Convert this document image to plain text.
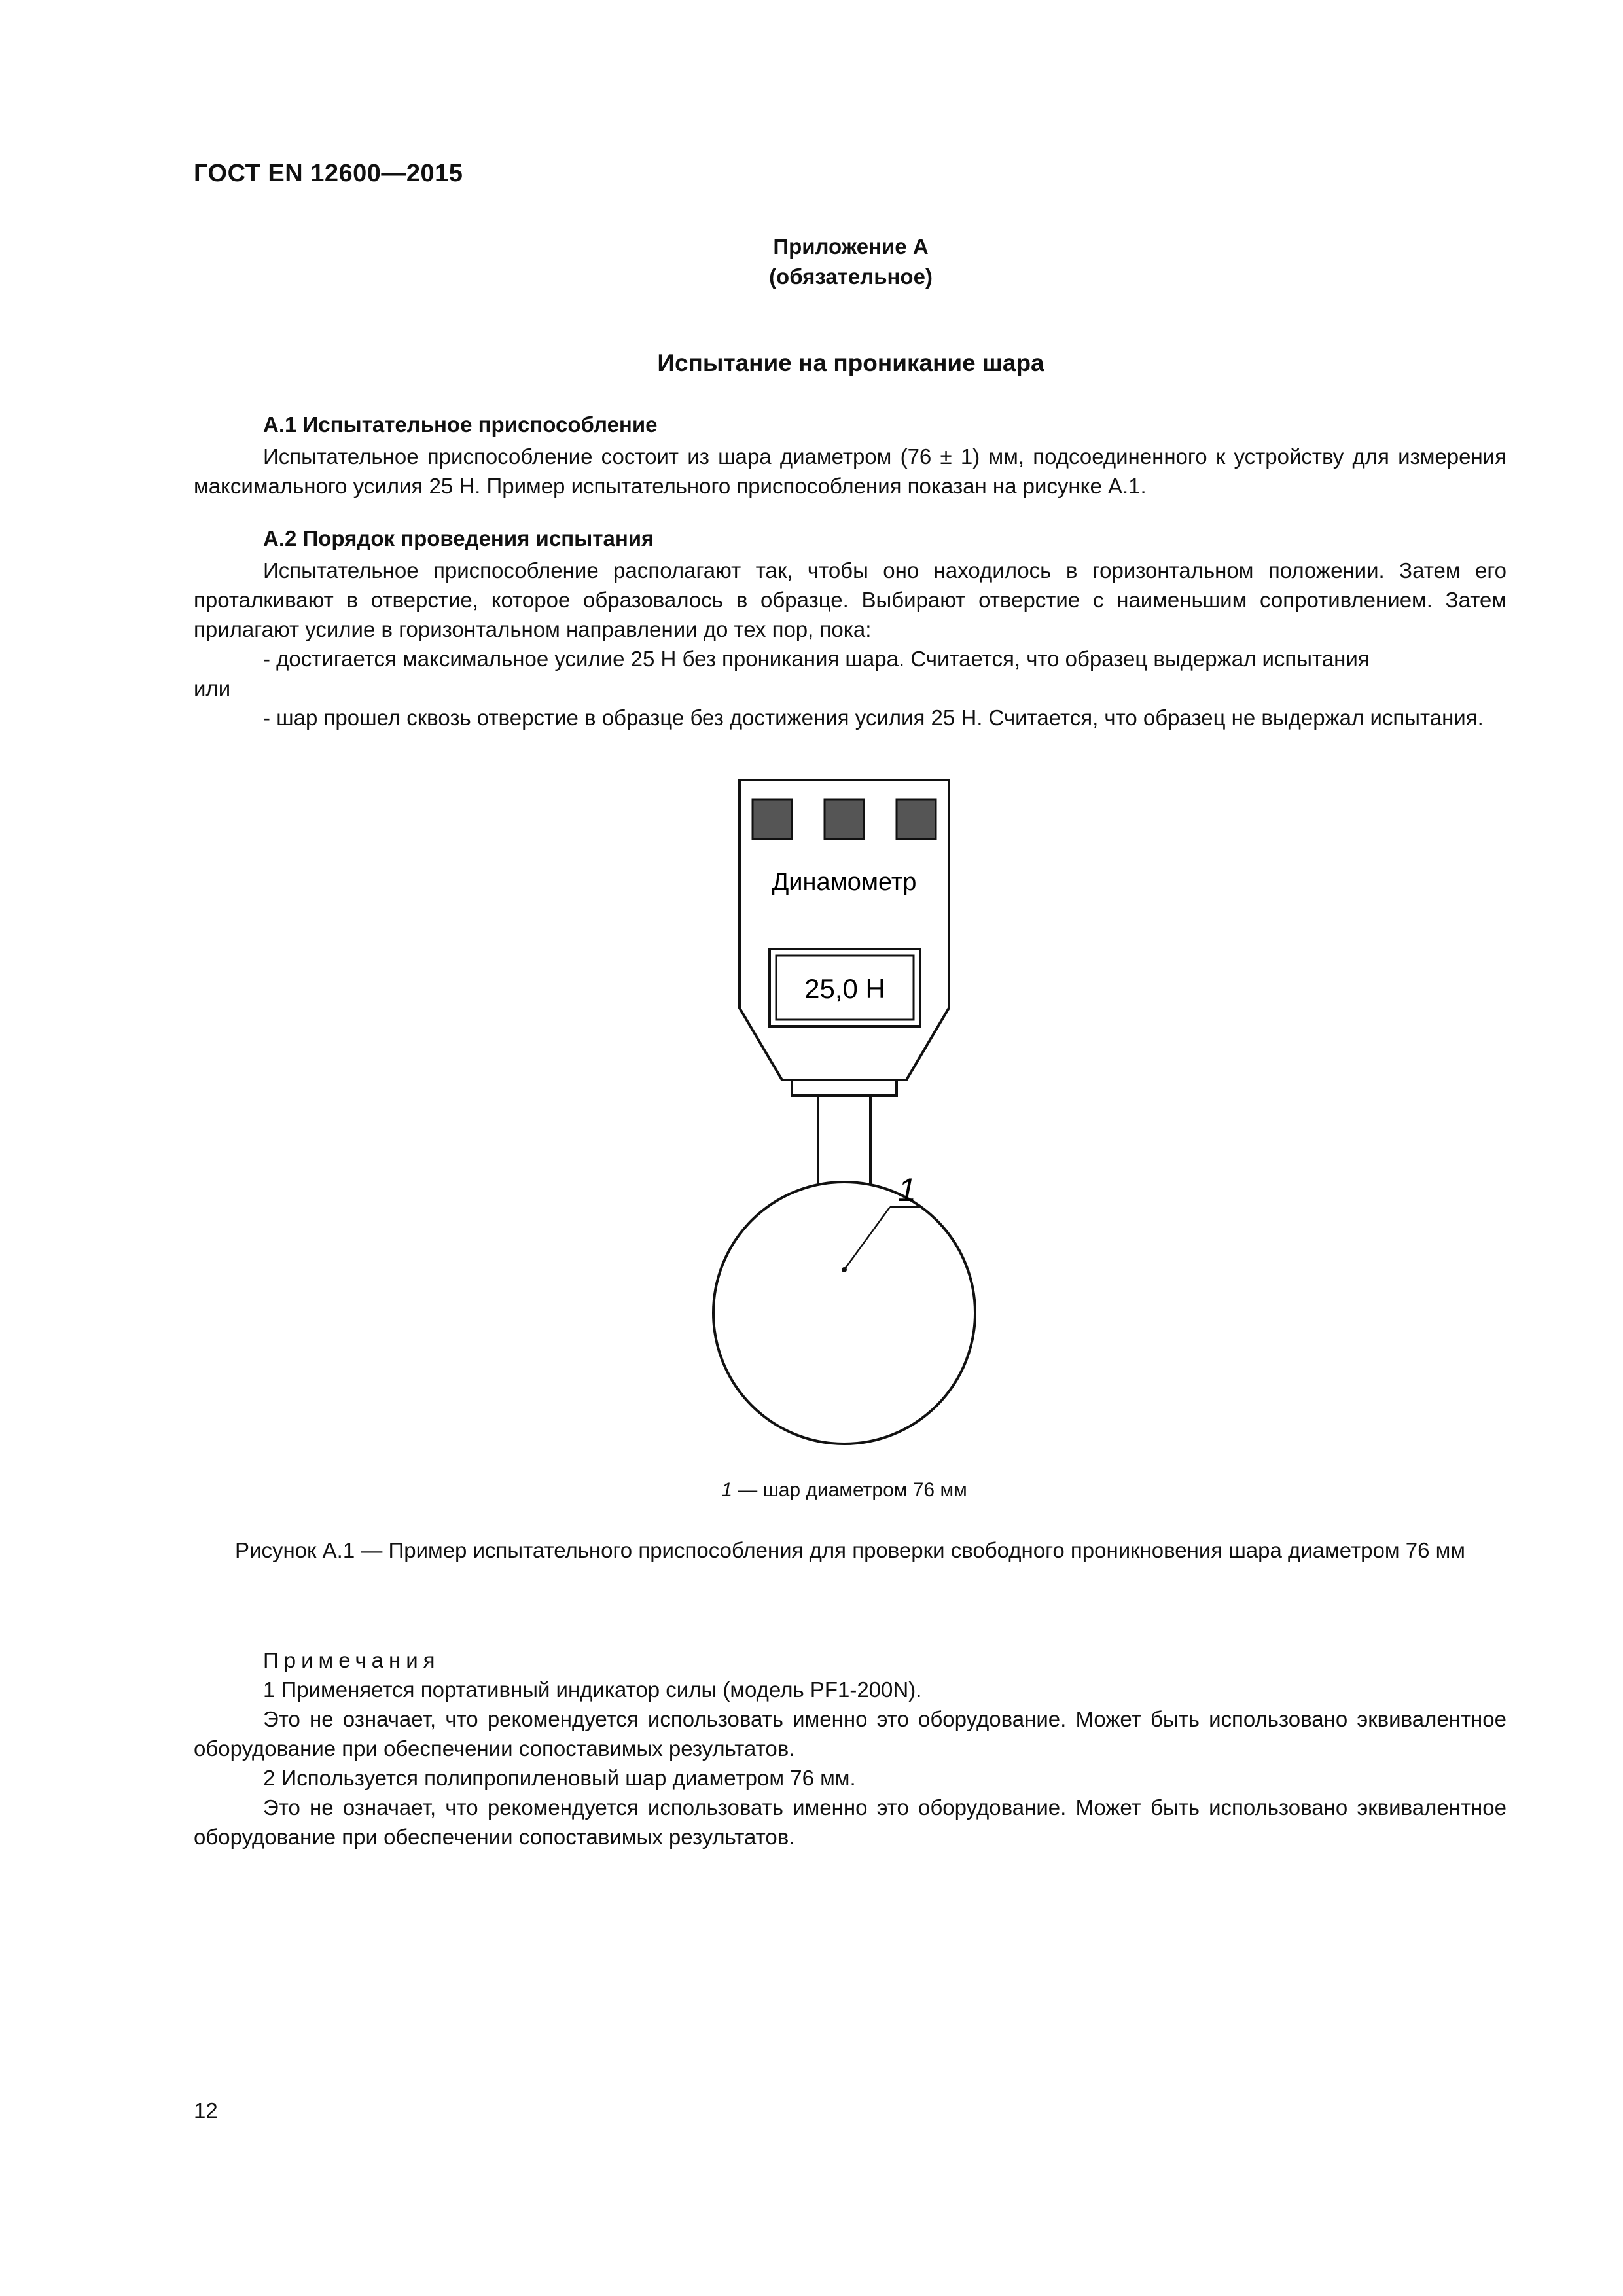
ГОСТ EN 12600—2015
Приложение А
(обязательное)
Испытание на проникание шара

А.1 Испытательное приспособление

Испытательное приспособление состоит из шара диаметром (76 ± 1) мм, подсоединенного к устройству для измерения максимального усилия 25 Н. Пример испытательного приспособления показан на рисунке А.1.

А.2 Порядок проведения испытания

Испытательное приспособление располагают так, чтобы оно находилось в горизонтальном положении. Затем его проталкивают в отверстие, которое образовалось в образце. Выбирают отверстие с наименьшим сопротивлением. Затем прилагают усилие в горизонтальном направлении до тех пор, пока:

- достигается максимальное усилие 25 Н без проникания шара. Считается, что образец выдержал испытания

или

- шар прошел сквозь отверстие в образце без достижения усилия 25 Н. Считается, что образец не выдержал испытания.

Динамометр
25,0 Н
1
1 — шар диаметром 76 мм
Рисунок А.1 — Пример испытательного приспособления для проверки свободного проникновения шара диаметром 76 мм

Примечания

1 Применяется портативный индикатор силы (модель PF1-200N).

Это не означает, что рекомендуется использовать именно это оборудование. Может быть использовано эквивалентное оборудование при обеспечении сопоставимых результатов.

2 Используется полипропиленовый шар диаметром 76 мм.

Это не означает, что рекомендуется использовать именно это оборудование. Может быть использовано эквивалентное оборудование при обеспечении сопоставимых результатов.

12
